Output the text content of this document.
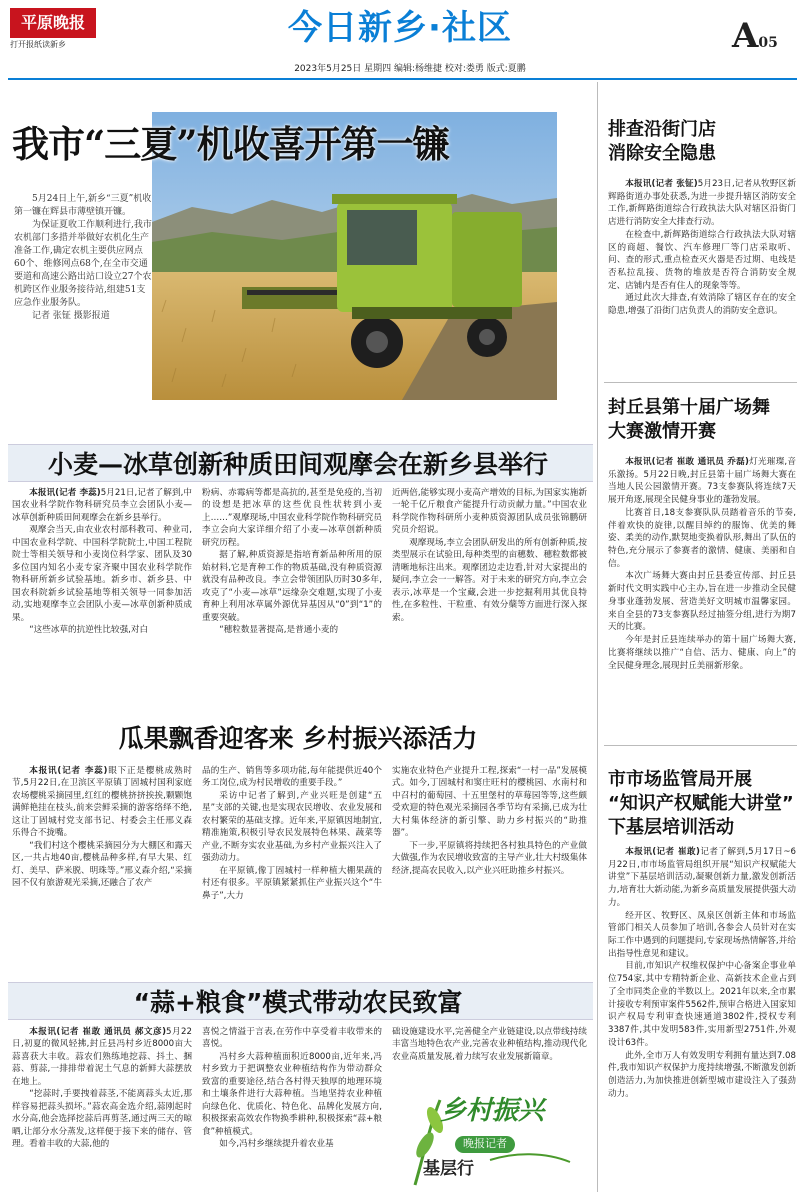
平原晚报
打开报纸读新乡	今日新乡·社区	A05
2023年5月25日 星期四 编辑:杨维捷 校对:娄勇 版式:夏鹏
我市“三夏”机收喜开第一镰

5月24日上午,新乡“三夏”机收第一镰在辉县市薄壁镇开镰。

为保证夏收工作顺利进行,我市农机部门多措并举做好农机化生产准备工作,确定农机主要供应网点60个、维修网点68个,在全市交通要道和高速公路出站口设立27个农机跨区作业服务接待站,组建51支应急作业服务队。

记者 张钲 摄影报道

小麦—冰草创新种质田间观摩会在新乡县举行

本报讯(记者 李蕊)5月21日,记者了解到,中国农业科学院作物科研究员李立会团队小麦—冰草创新种质田间观摩会在新乡县举行。

观摩会当天,由农业农村部科教司、种业司,中国农业科学院、中国科学院院士,中国工程院院士等相关领导和小麦岗位科学家、团队及30多位国内知名小麦专家齐聚中国农业科学院作物科研所新乡试验基地。新乡市、新乡县、中国农科院新乡试验基地等相关领导一同参加活动,实地观摩李立会团队小麦—冰草创新种质成果。

“这些冰草的抗逆性比较强,对白

粉病、赤霉病等都是高抗的,甚至是免疫的,当初的设想是把冰草的这些优良性状转到小麦上……”观摩现场,中国农业科学院作物科研究员李立会向大家详细介绍了小麦—冰草创新种质研究历程。

据了解,种质资源是指培育新品种所用的原始材料,它是育种工作的物质基础,没有种质资源就没有品种改良。李立会带领团队历时30多年,攻克了“小麦—冰草”远缘杂交难题,实现了小麦育种上利用冰草属外源优异基因从“0”到“1”的重要突破。

“穗粒数显著提高,是普通小麦的

近两倍,能够实现小麦高产增效的目标,为国家实施新一轮千亿斤粮食产能提升行动贡献力量。”中国农业科学院作物科研所小麦种质资源团队成员张锦鹏研究员介绍说。

观摩现场,李立会团队研发出的所有创新种质,按类型展示在试验田,每种类型的亩穗数、穗粒数都被清晰地标注出来。观摩团边走边看,针对大家提出的疑问,李立会一一解答。对于未来的研究方向,李立会表示,冰草是一个宝藏,会进一步挖掘利用其优良特性,在多粒性、干粒重、有效分蘖等方面进行深入探索。

瓜果飘香迎客来 乡村振兴添活力

本报讯(记者 李蕊)眼下正是樱桃成熟时节,5月22日,在卫滨区平原镇丁固城村国利家庭农场樱桃采摘园里,红红的樱桃挤挤挨挨,颗颗饱满鲜艳挂在枝头,前来尝鲜采摘的游客络绎不绝,这让丁固城村党支部书记、村委会主任邢义森乐得合不拢嘴。

“我们村这个樱桃采摘园分为大棚区和露天区,一共占地40亩,樱桃品种多样,有早大果、红灯、美早、萨米脱、明珠等。”邢义森介绍,“采摘园不仅有旅游观光采摘,还融合了农产

品的生产、销售等多项功能,每年能提供近40个务工岗位,成为村民增收的重要手段。”

采访中记者了解到,产业兴旺是创建“五星”支部的关键,也是实现农民增收、农业发展和农村繁荣的基础支撑。近年来,平原镇因地制宜,精准施策,积极引导农民发展特色林果、蔬菜等产业,不断夯实农业基础,为乡村产业振兴注入了强劲动力。

在平原镇,像丁固城村一样种植大棚果蔬的村还有很多。平原镇紧紧抓住产业振兴这个“牛鼻子”,大力

实施农业特色产业提升工程,探索“一村一品”发展模式。如今,丁固城村和窦庄旺村的樱桃园、水南村和中召村的葡萄园、十五里堡村的草莓园等等,这些颇受欢迎的特色观光采摘园各季节均有采摘,已成为壮大村集体经济的新引擎、助力乡村振兴的“助推器”。

下一步,平原镇将持续把各村独具特色的产业做大做强,作为农民增收致富的主导产业,壮大村级集体经济,提高农民收入,以产业兴旺助推乡村振兴。

“蒜+粮食”模式带动农民致富

本报讯(记者 崔敢 通讯员 郝文彦)5月22日,初夏的微风轻拂,封丘县冯村乡近8000亩大蒜喜获大丰收。蒜农们熟练地挖蒜、抖土、捆蒜、剪蒜,一排排带着泥土气息的新鲜大蒜摆放在地上。

“挖蒜时,手要拽着蒜茎,不能离蒜头太近,那样容易把蒜头损坏。”蒜农高金选介绍,蒜刚起时水分高,他会选择挖蒜后再剪茎,通过两三天的晾晒,让部分水分蒸发,这样便于接下来的储存、管理。看着丰收的大蒜,他的

喜悦之情溢于言表,在劳作中享受着丰收带来的喜悦。

冯村乡大蒜种植面积近8000亩,近年来,冯村乡致力于把调整农业种植结构作为带动群众致富的重要途径,结合各村得天独厚的地理环境和土壤条件进行大蒜种植。当地坚持农业种植向绿色化、优质化、特色化、品牌化发展方向,积极探索高效农作物换季耕种,积极探索“蒜+粮食”种植模式。

如今,冯村乡继续提升着农业基

础设施建设水平,完善健全产业链建设,以点带线持续丰富当地特色农产业,完善农业种植结构,推动现代化农业高质量发展,着力续写农业发展新篇章。

乡村振兴
晚报记者
基层行
排查沿街门店
消除安全隐患

本报讯(记者 张钲)5月23日,记者从牧野区新辉路街道办事处获悉,为进一步提升辖区消防安全工作,新辉路街道综合行政执法大队对辖区沿街门店进行消防安全大排查行动。

在检查中,新辉路街道综合行政执法大队对辖区的商超、餐饮、汽车修理厂等门店采取听、问、查的形式,重点检查灭火器是否过期、电线是否私拉乱接、货物的堆放是否符合消防安全规定、店铺内是否有住人的现象等等。

通过此次大排查,有效消除了辖区存在的安全隐患,增强了沿街门店负责人的消防安全意识。

封丘县第十届广场舞
大赛激情开赛

本报讯(记者 崔敢 通讯员 乔磊)灯光璀璨,音乐激扬。5月22日晚,封丘县第十届广场舞大赛在当地人民公园激情开赛。73支参赛队将连续7天展开角逐,展现全民健身事业的蓬勃发展。

比赛首日,18支参赛队队员踏着音乐的节奏,伴着欢快的旋律,以醒目绰约的服饰、优美的舞姿、柔美的动作,默契地变换着队形,舞出了队伍的特色,充分展示了参赛者的激情、健康、美丽和自信。

本次广场舞大赛由封丘县委宣传部、封丘县新时代文明实践中心主办,旨在进一步推动全民健身事业蓬勃发展、营造美好文明城市温馨家园。来自全县的73支参赛队经过抽签分组,进行为期7天的比赛。

今年是封丘县连续举办的第十届广场舞大赛,比赛将继续以推广“自信、活力、健康、向上”的全民健身理念,展现封丘美丽新形象。

市市场监管局开展
“知识产权赋能大讲堂”
下基层培训活动

本报讯(记者 崔敢)记者了解到,5月17日~6月22日,市市场监管局组织开展“知识产权赋能大讲堂”下基层培训活动,凝聚创新力量,激发创新活力,培育壮大新动能,为新乡高质量发展提供强大动力。

经开区、牧野区、凤泉区创新主体和市场监管部门相关人员参加了培训,各参会人员针对在实际工作中遇到的问题提问,专家现场热情解答,并给出指导性意见和建议。

目前,市知识产权维权保护中心备案企事业单位754家,其中专精特新企业、高新技术企业占到了全市同类企业的半数以上。2021年以来,全市累计接收专利预审案件5562件,预审合格进入国家知识产权局专利审查快速通道3802件,授权专利3387件,其中发明583件,实用新型2751件,外观设计63件。

此外,全市万人有效发明专利拥有量达到7.08件,我市知识产权保护力度持续增强,不断激发创新创造活力,为加快推进创新型城市建设注入了强劲动力。
